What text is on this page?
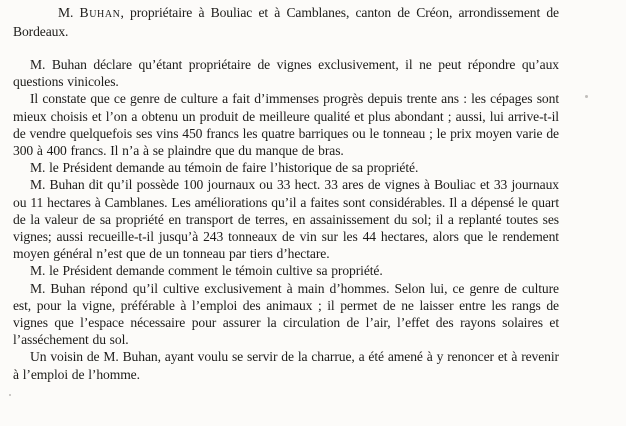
M. Buhan, propriétaire à Bouliac et à Camblanes, canton de Créon, arrondissement de Bordeaux.

M. Buhan déclare qu’étant propriétaire de vignes exclusivement, il ne peut répondre qu’aux questions vinicoles.

Il constate que ce genre de culture a fait d’immenses progrès depuis trente ans : les cépages sont mieux choisis et l’on a obtenu un produit de meilleure qualité et plus abondant ; aussi, lui arrive-t-il de vendre quelquefois ses vins 450 francs les quatre barriques ou le tonneau ; le prix moyen varie de 300 à 400 francs. Il n’a à se plaindre que du manque de bras.

M. le Président demande au témoin de faire l’historique de sa propriété.

M. Buhan dit qu’il possède 100 journaux ou 33 hect. 33 ares de vignes à Bouliac et 33 journaux ou 11 hectares à Camblanes. Les améliorations qu’il a faites sont considérables. Il a dépensé le quart de la valeur de sa propriété en transport de terres, en assainissement du sol; il a replanté toutes ses vignes; aussi recueille-t-il jusqu’à 243 tonneaux de vin sur les 44 hectares, alors que le rendement moyen général n’est que de un tonneau par tiers d’hectare.

M. le Président demande comment le témoin cultive sa propriété.

M. Buhan répond qu’il cultive exclusivement à main d’hommes. Selon lui, ce genre de culture est, pour la vigne, préférable à l’emploi des animaux ; il permet de ne laisser entre les rangs de vignes que l’espace nécessaire pour assurer la circulation de l’air, l’effet des rayons solaires et l’asséchement du sol.

Un voisin de M. Buhan, ayant voulu se servir de la charrue, a été amené à y renoncer et à revenir à l’emploi de l’homme.
